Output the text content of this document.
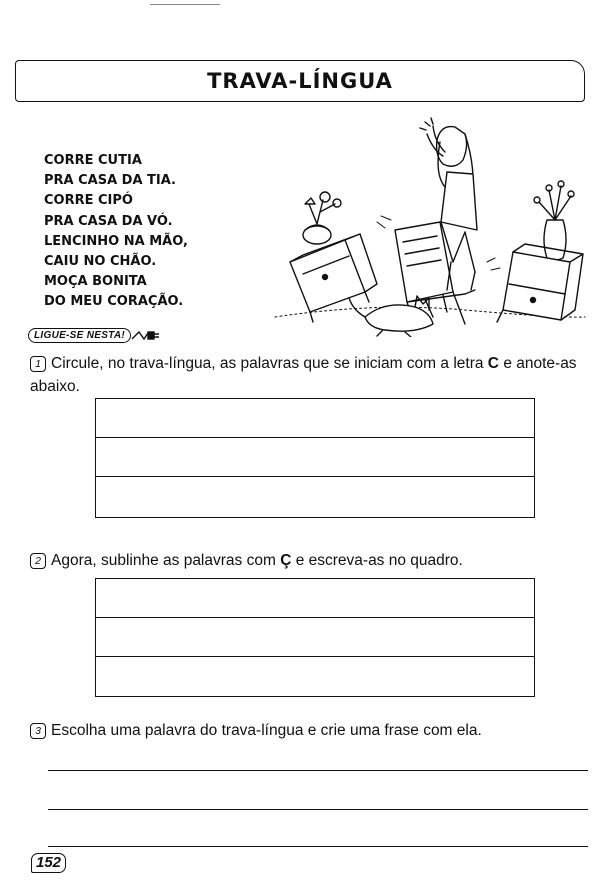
TRAVA-LÍNGUA
CORRE CUTIA
PRA CASA DA TIA.
CORRE CIPÓ
PRA CASA DA VÓ.
LENCINHO NA MÃO,
CAIU NO CHÃO.
MOÇA BONITA
DO MEU CORAÇÃO.
LIGUE-SE NESTA!
1 Circule, no trava-língua, as palavras que se iniciam com a letra C e anote-as abaixo.
2 Agora, sublinhe as palavras com Ç e escreva-as no quadro.
3 Escolha uma palavra do trava-língua e crie uma frase com ela.
152
